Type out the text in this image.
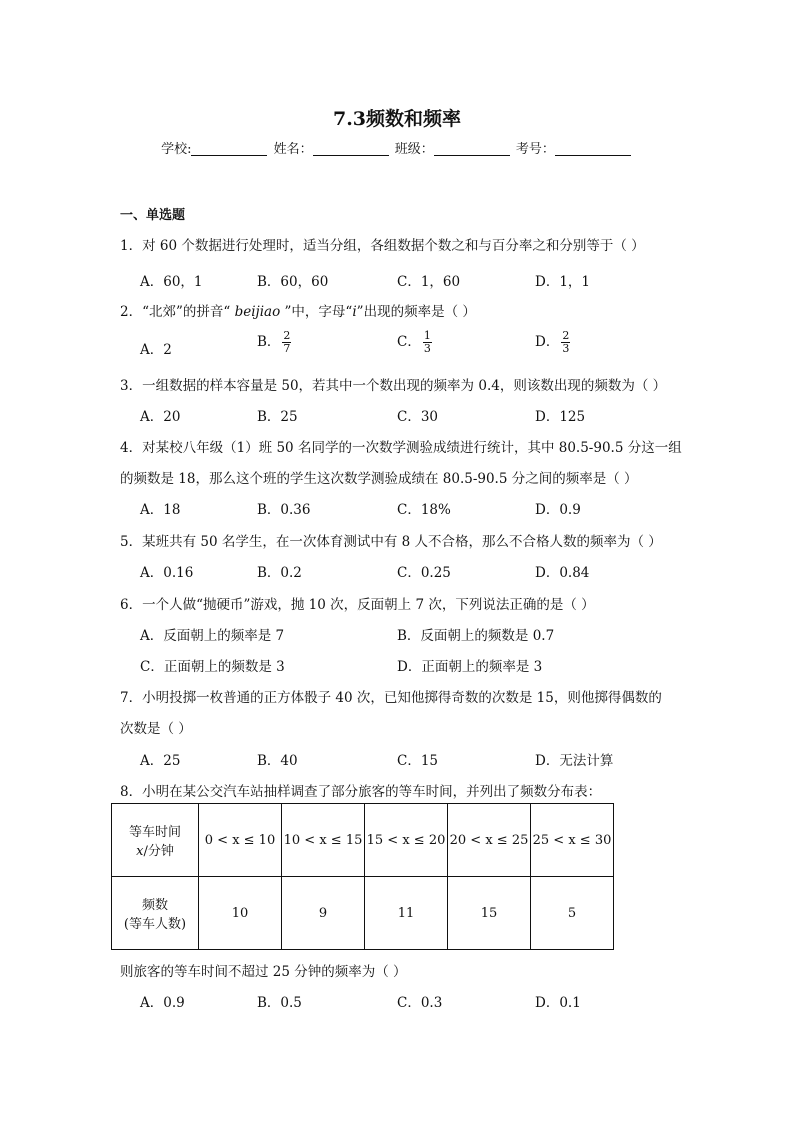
7.3频数和频率
学校:	姓名：	班级：	考号：
一、单选题
1．对 60 个数据进行处理时，适当分组，各组数据个数之和与百分率之和分别等于（ ）
A．60，1	B．60，60	C．1，60	D．1，1
2．“北郊”的拼音“ beijiao ”中，字母“i”出现的频率是（ ）
A．2	B． $\frac{2}{7}$	C． $\frac{1}{3}$	D． $\frac{2}{3}$
3．一组数据的样本容量是 50，若其中一个数出现的频率为 0.4，则该数出现的频数为（ ）
A．20	B．25	C．30	D．125
4．对某校八年级（1）班 50 名同学的一次数学测验成绩进行统计，其中 80.5-90.5 分这一组
的频数是 18，那么这个班的学生这次数学测验成绩在 80.5-90.5 分之间的频率是（ ）
A．18	B．0.36	C．18%	D．0.9
5．某班共有 50 名学生，在一次体育测试中有 8 人不合格，那么不合格人数的频率为（ ）
A．0.16	B．0.2	C．0.25	D．0.84
6．一个人做“抛硬币”游戏，抛 10 次，反面朝上 7 次，下列说法正确的是（ ）
A．反面朝上的频率是 7	B．反面朝上的频数是 0.7
C．正面朝上的频数是 3	D．正面朝上的频率是 3
7．小明投掷一枚普通的正方体骰子 40 次，已知他掷得奇数的次数是 15，则他掷得偶数的
次数是（ ）
A．25	B．40	C．15	D．无法计算
8．小明在某公交汽车站抽样调查了部分旅客的等车时间，并列出了频数分布表：
等车时间
x/分钟	0 < x ≤ 10	10 < x ≤ 15	15 < x ≤ 20	20 < x ≤ 25	25 < x ≤ 30

频数
(等车人数)	10	9	11	15	5
则旅客的等车时间不超过 25 分钟的频率为（ ）
A．0.9	B．0.5	C．0.3	D．0.1
